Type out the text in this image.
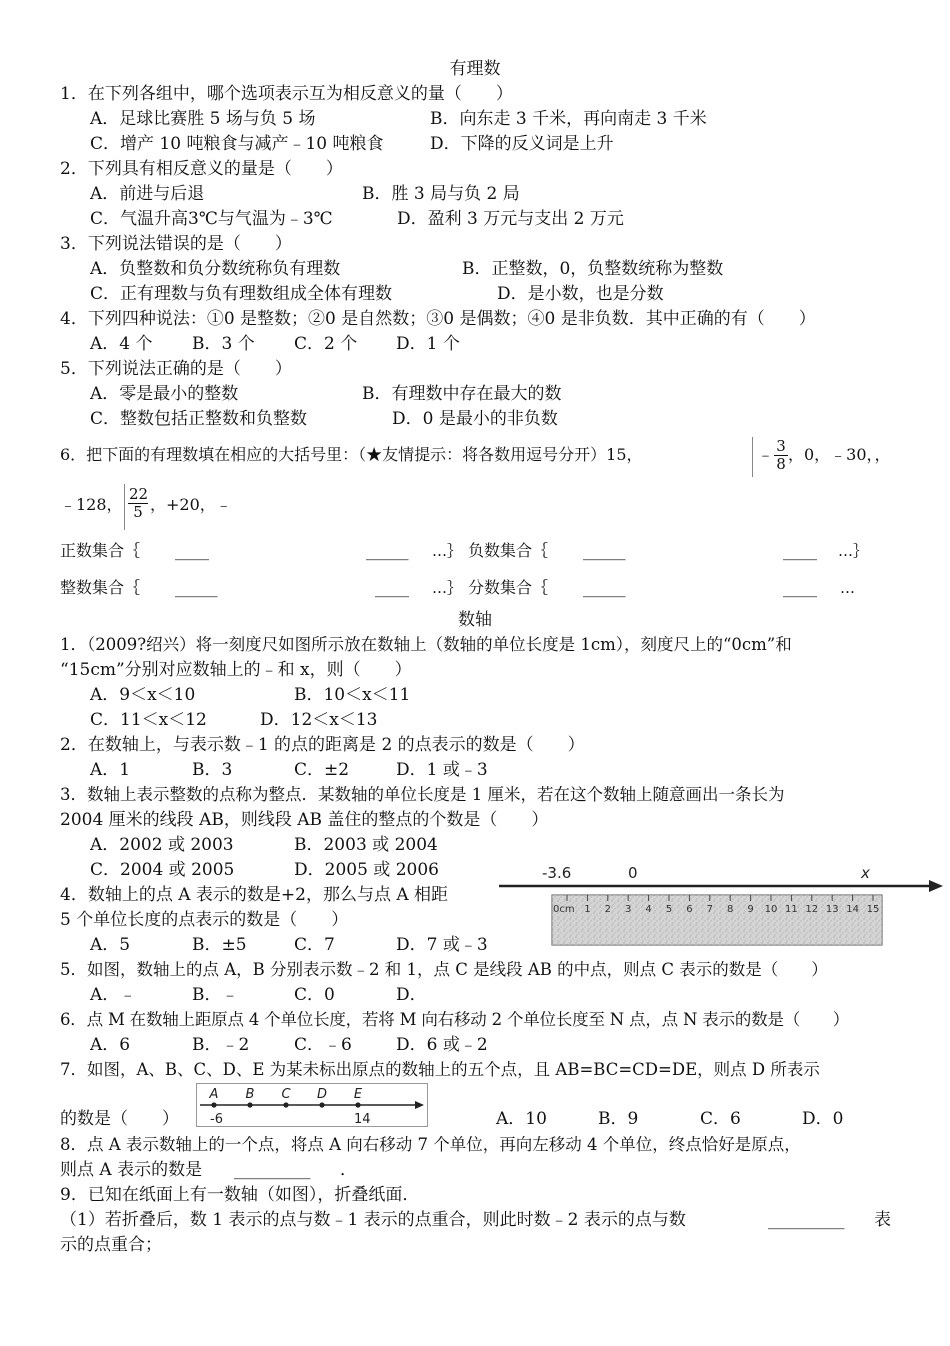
有理数
1．在下列各组中，哪个选项表示互为相反意义的量（　　）
A．足球比赛胜 5 场与负 5 场	B．向东走 3 千米，再向南走 3 千米
C．增产 10 吨粮食与减产﹣10 吨粮食	D．下降的反义词是上升
2．下列具有相反意义的量是（　　）
A．前进与后退	B．胜 3 局与负 2 局
C．气温升高3℃与气温为﹣3℃	D．盈利 3 万元与支出 2 万元
3．下列说法错误的是（　　）
A．负整数和负分数统称负有理数	B．正整数，0，负整数统称为整数
C．正有理数与负有理数组成全体有理数	D．是小数，也是分数
4．下列四种说法：①0 是整数；②0 是自然数；③0 是偶数；④0 是非负数．其中正确的有（　　）
A．4 个 B．3 个 C．2 个 D．1 个
5．下列说法正确的是（　　）
A．零是最小的整数	B．有理数中存在最大的数
C．整数包括正整数和负整数	D．0 是最小的非负数
6．把下面的有理数填在相应的大括号里：（★友情提示：将各数用逗号分开）15，	﹣ $\frac{3}{8}$ ，0，﹣30，，
﹣128， $\frac{22}{5}$ ，+20，﹣
正数集合｛ ____	_____ …｝ 负数集合｛ _____	____ …｝
整数集合｛ _____	____ …｝ 分数集合｛ _____	____ …
数轴
1．（2009?绍兴）将一刻度尺如图所示放在数轴上（数轴的单位长度是 1cm），刻度尺上的“0cm”和
“15cm”分别对应数轴上的﹣和 x，则（　　）
A．9＜x＜10	B．10＜x＜11
C．11＜x＜12	D．12＜x＜13
2．在数轴上，与表示数﹣1 的点的距离是 2 的点表示的数是（　　）
A．1	B．3	C．±2	D．1 或﹣3
3．数轴上表示整数的点称为整点．某数轴的单位长度是 1 厘米，若在这个数轴上随意画出一条长为
2004 厘米的线段 AB，则线段 AB 盖住的整点的个数是（　　）
A．2002 或 2003	B．2003 或 2004
C．2004 或 2005	D．2005 或 2006	-3.6	0	x
0cm 1 2 3 4 5 6 7 8 9 10 11 12 13 14 15
4．数轴上的点 A 表示的数是+2，那么与点 A 相距
5 个单位长度的点表示的数是（　　）
A．5	B．±5	C．7	D．7 或﹣3
5．如图，数轴上的点 A，B 分别表示数﹣2 和 1，点 C 是线段 AB 的中点，则点 C 表示的数是（　　）
A．﹣	B．﹣	C．0	D．
6．点 M 在数轴上距原点 4 个单位长度，若将 M 向右移动 2 个单位长度至 N 点，点 N 表示的数是（　　）
A．6	B．﹣2	C．﹣6	D．6 或﹣2
7．如图，A、B、C、D、E 为某未标出原点的数轴上的五个点，且 AB=BC=CD=DE，则点 D 所表示
A B C D E
-6	14
的数是（　　）	A．10	B．9	C．6	D．0
8．点 A 表示数轴上的一个点，将点 A 向右移动 7 个单位，再向左移动 4 个单位，终点恰好是原点，
则点 A 表示的数是 _________ ．
9．已知在纸面上有一数轴（如图），折叠纸面．
（1）若折叠后，数 1 表示的点与数﹣1 表示的点重合，则此时数﹣2 表示的点与数	_________ 表
示的点重合；
